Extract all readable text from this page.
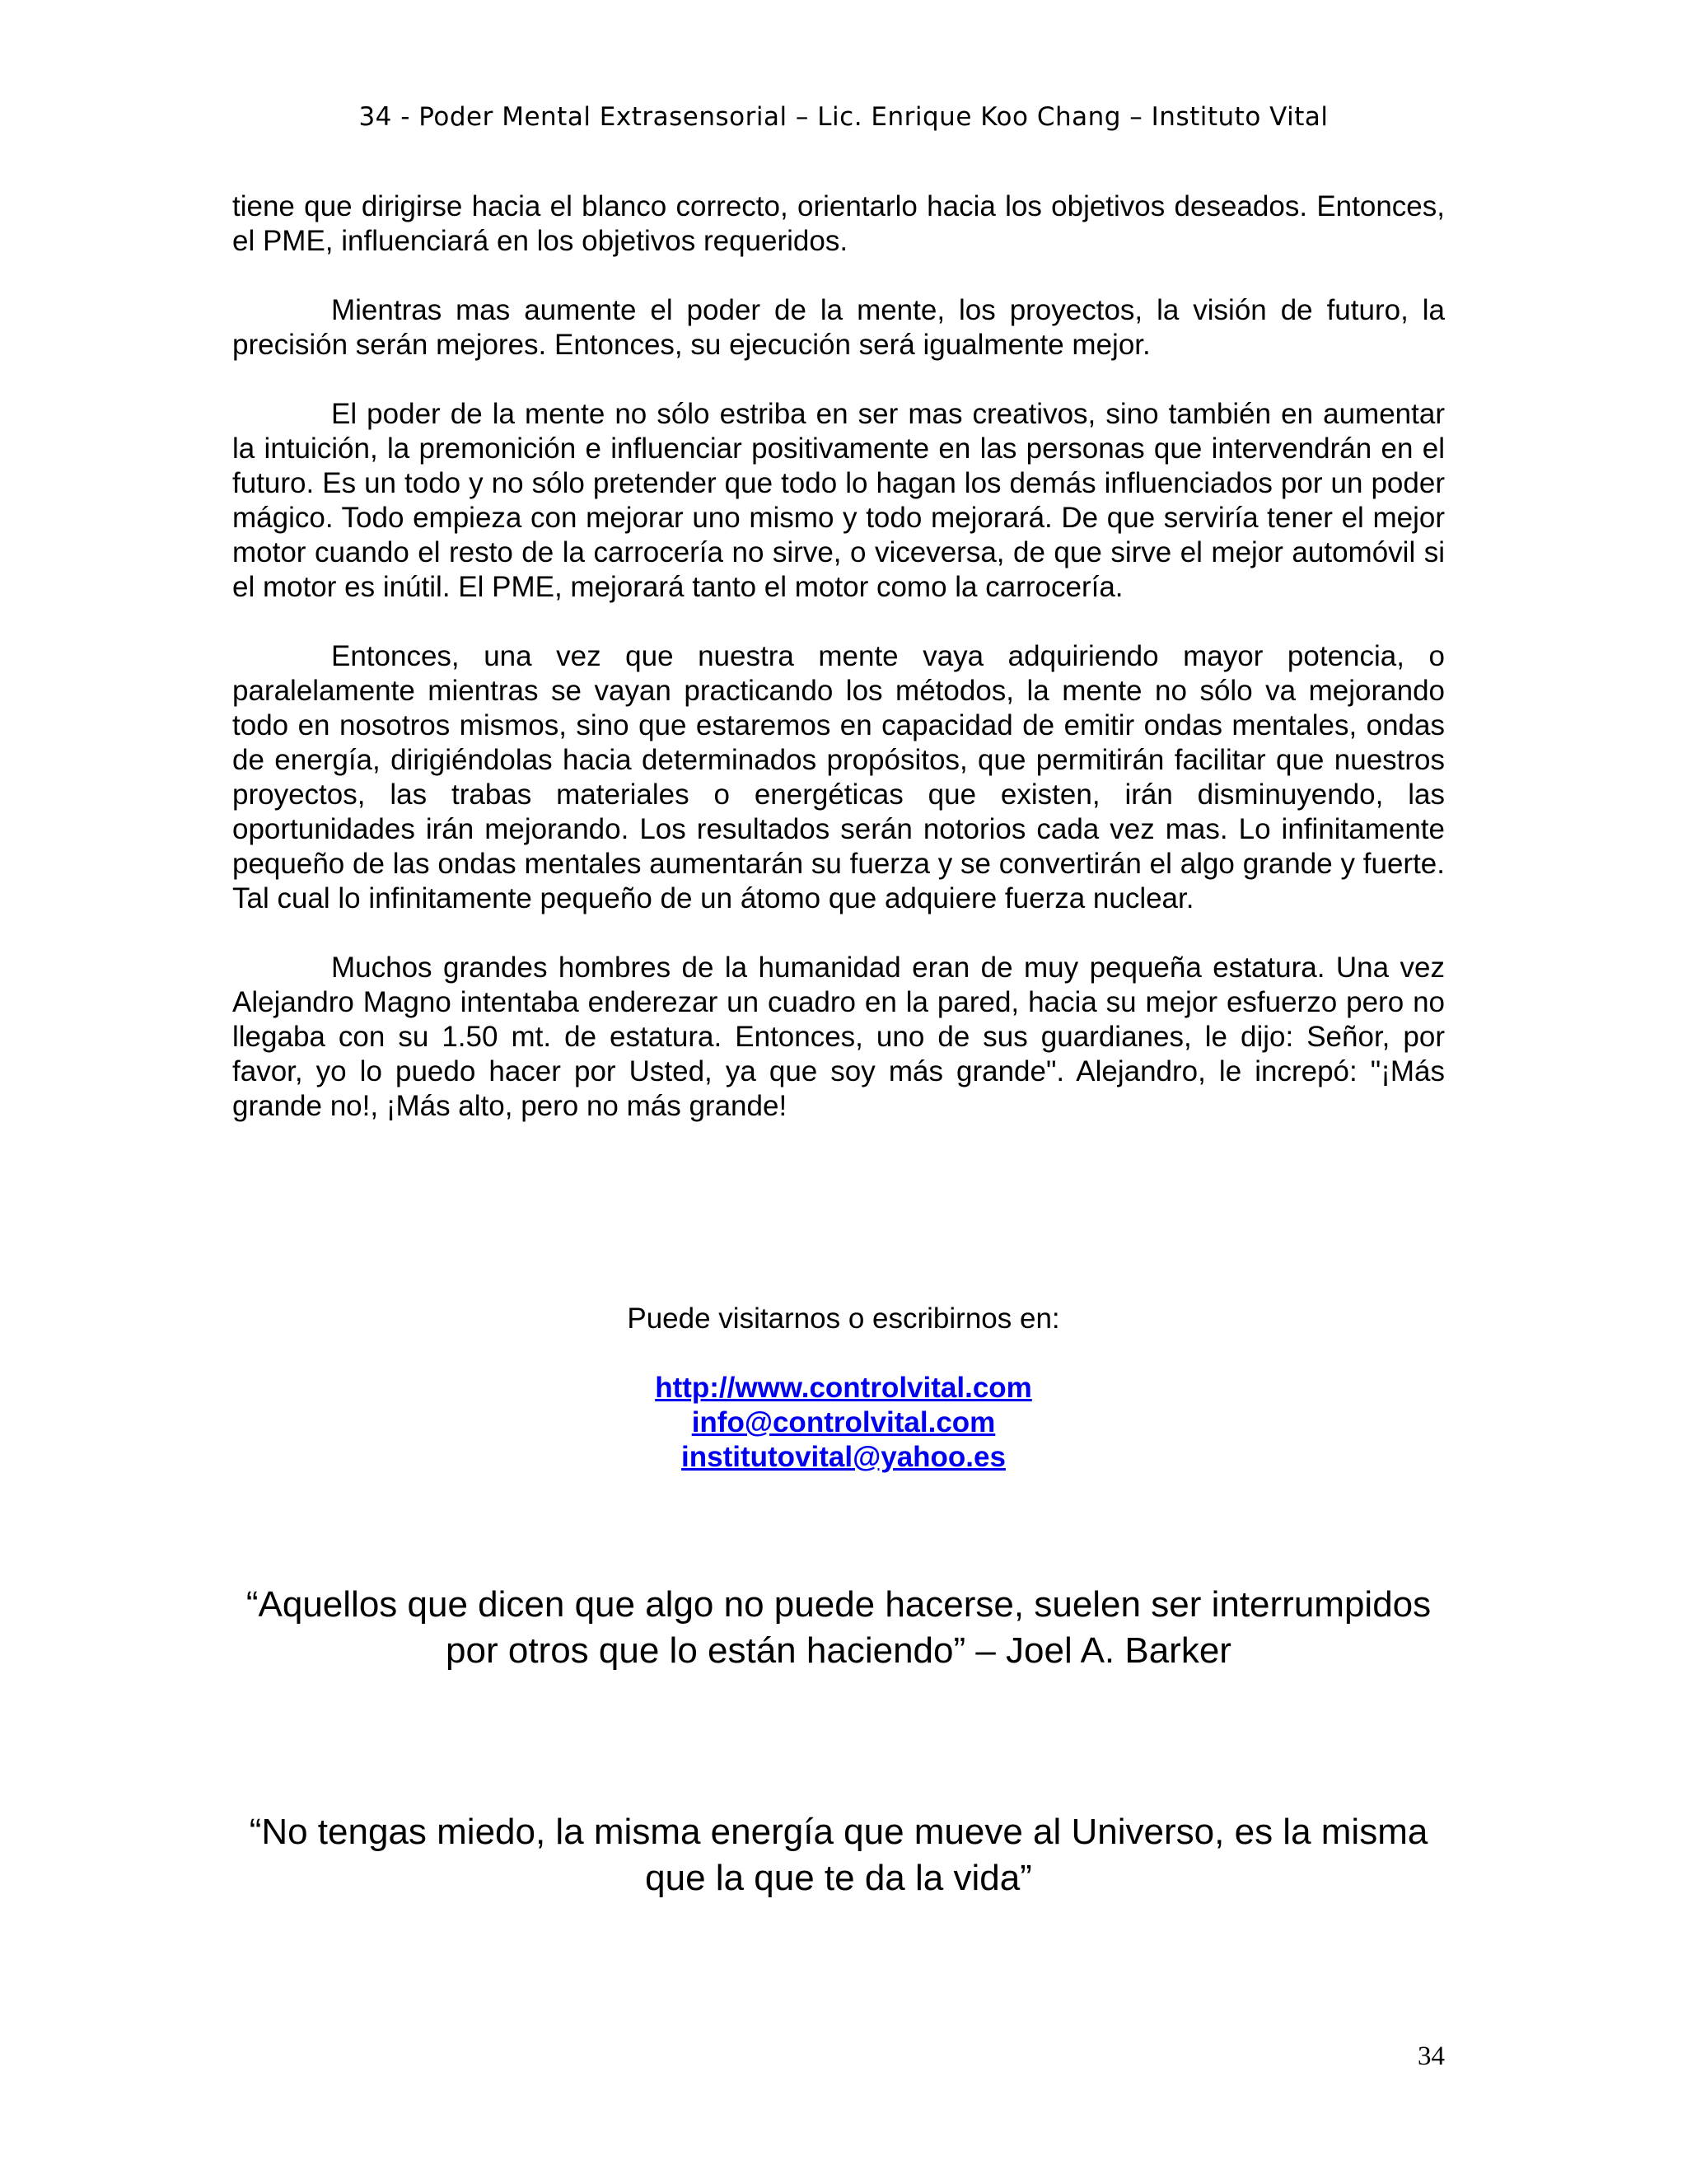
34 - Poder Mental Extrasensorial – Lic. Enrique Koo Chang – Instituto Vital

tiene que dirigirse hacia el blanco correcto, orientarlo hacia los objetivos deseados. Entonces, el PME, influenciará en los objetivos requeridos.

Mientras mas aumente el poder de la mente, los proyectos, la visión de futuro, la precisión serán mejores. Entonces, su ejecución será igualmente mejor.

El poder de la mente no sólo estriba en ser mas creativos, sino también en aumentar la intuición, la premonición e influenciar positivamente en las personas que intervendrán en el futuro. Es un todo y no sólo pretender que todo lo hagan los demás influenciados por un poder mágico. Todo empieza con mejorar uno mismo y todo mejorará. De que serviría tener el mejor motor cuando el resto de la carrocería no sirve, o viceversa, de que sirve el mejor automóvil si el motor es inútil. El PME, mejorará tanto el motor como la carrocería.

Entonces, una vez que nuestra mente vaya adquiriendo mayor potencia, o paralelamente mientras se vayan practicando los métodos, la mente no sólo va mejorando todo en nosotros mismos, sino que estaremos en capacidad de emitir ondas mentales, ondas de energía, dirigiéndolas hacia determinados propósitos, que permitirán facilitar que nuestros proyectos, las trabas materiales o energéticas que existen, irán disminuyendo, las oportunidades irán mejorando. Los resultados serán notorios cada vez mas. Lo infinitamente pequeño de las ondas mentales aumentarán su fuerza y se convertirán el algo grande y fuerte. Tal cual lo infinitamente pequeño de un átomo que adquiere fuerza nuclear.

Muchos grandes hombres de la humanidad eran de muy pequeña estatura. Una vez Alejandro Magno intentaba enderezar un cuadro en la pared, hacia su mejor esfuerzo pero no llegaba con su 1.50 mt. de estatura. Entonces, uno de sus guardianes, le dijo: Señor, por favor, yo lo puedo hacer por Usted, ya que soy más grande". Alejandro, le increpó: "¡Más grande no!, ¡Más alto, pero no más grande!

Puede visitarnos o escribirnos en:
http://www.controlvital.com
info@controlvital.com
institutovital@yahoo.es

“Aquellos que dicen que algo no puede hacerse, suelen ser interrumpidos por otros que lo están haciendo” – Joel A. Barker

“No tengas miedo, la misma energía que mueve al Universo, es la misma que la que te da la vida”

34
